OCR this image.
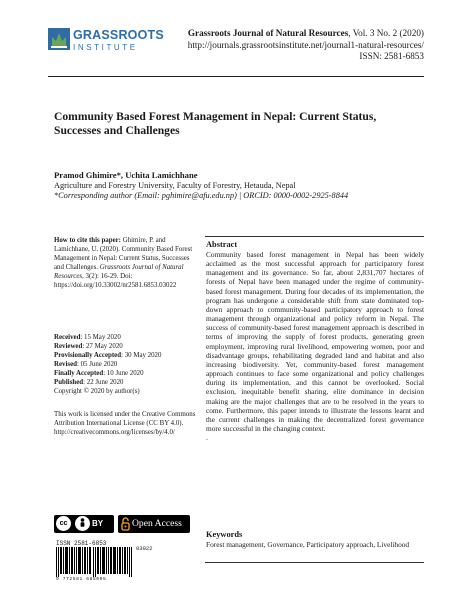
GRASSROOTS
INSTITUTE
Grassroots Journal of Natural Resources, Vol. 3 No. 2 (2020)
http://journals.grassrootsinstitute.net/journal1-natural-resources/
ISSN: 2581-6853
Community Based Forest Management in Nepal: Current Status, Successes and Challenges
Pramod Ghimire*, Uchita Lamichhane
Agriculture and Forestry University, Faculty of Forestry, Hetauda, Nepal
*Corresponding author (Email: pghimire@afu.edu.np) | ORCID: 0000-0002-2925-8844
How to cite this paper: Ghimire, P. and Lamichhane, U. (2020). Community Based Forest Management in Nepal: Current Status, Successes and Challenges. Grassroots Journal of Natural Resources, 3(2): 16-29. Doi: https://doi.org/10.33002/nr2581.6853.03022
Received: 15 May 2020
Reviewed: 27 May 2020
Provisionally Accepted: 30 May 2020
Revised: 05 June 2020
Finally Accepted: 10 June 2020
Published: 22 June 2020
Copyright © 2020 by author(s)
This work is licensed under the Creative Commons Attribution International License (CC BY 4.0). http://creativecommons.org/licenses/by/4.0/
cc	BY	Open Access
ISSN 2581-6853
03022
9 772581 685005
Abstract
Community based forest management in Nepal has been widely acclaimed as the most successful approach for participatory forest management and its governance. So far, about 2,831,707 hectares of forests of Nepal have been managed under the regime of community-based forest management. During four decades of its implementation, the program has undergone a considerable shift from state dominated top-down approach to community-based participatory approach to forest management through organizational and policy reform in Nepal. The success of community-based forest management approach is described in terms of improving the supply of forest products, generating green employment, improving rural livelihood, empowering women, poor and disadvantage groups, rehabilitating degraded land and habitat and also increasing biodiversity. Yet, community-based forest management approach continues to face some organizational and policy challenges during its implementation, and this cannot be overlooked. Social exclusion, inequitable benefit sharing, elite dominance in decision making are the major challenges that are to be resolved in the years to come. Furthermore, this paper intends to illustrate the lessons learnt and the current challenges in making the decentralized forest governance more successful in the changing context.
.
Keywords
Forest management, Governance, Participatory approach, Livelihood
